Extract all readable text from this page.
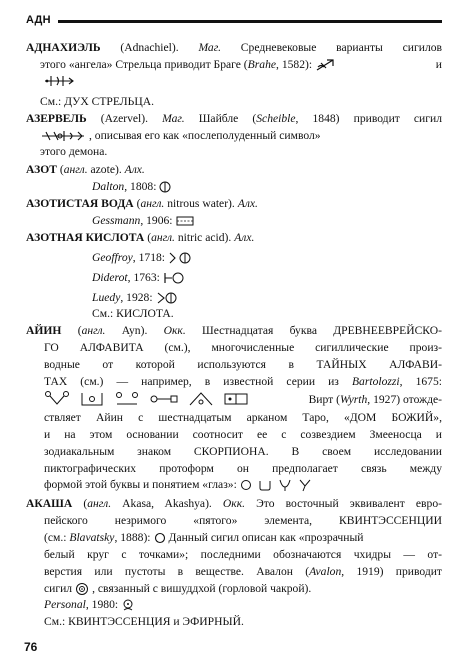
АДН
АДНАХИЭЛЬ (Adnachiel). Маг. Средневековые варианты сигилов
этого «ангела» Стрельца приводит Браге (Brahe, 1582):	и
См.: ДУХ СТРЕЛЬЦА.
АЗЕРВЕЛЬ (Azervel). Маг. Шайбле (Scheible, 1848) приводит сигил
, описывая его как «послеполуденный символ»
этого демона.
АЗОТ (англ. azote). Алх.
Dalton, 1808:
АЗОТИСТАЯ ВОДА (англ. nitrous water). Алх.
Gessmann, 1906:
АЗОТНАЯ КИСЛОТА (англ. nitric acid). Алх.
Geoffroy, 1718:
Diderot, 1763:
Luedy, 1928:
См.: КИСЛОТА.
АЙИН (англ. Ayn). Окк. Шестнадцатая буква ДРЕВНЕЕВРЕЙСКО-
ГО АЛФАВИТА (см.), многочисленные сигиллические произ-
водные от которой используются в ТАЙНЫХ АЛФАВИ-
ТАХ (см.) — например, в известной серии из Bartolozzi, 1675:

Вирт (Wyrth, 1927) отожде-
ствляет Айин с шестнадцатым арканом Таро, «ДОМ БОЖИЙ»,
и на этом основании соотносит ее с созвездием Змееносца и
зодиакальным знаком СКОРПИОНА. В своем исследовании
пиктографических протоформ он предполагает связь между
формой этой буквы и понятием «глаз»:
АКАША (англ. Akasa, Akashya). Окк. Это восточный эквивалент евро-
пейского незримого «пятого» элемента, КВИНТЭССЕНЦИИ
(см.: Blavatsky, 1888): Данный сигил описан как «прозрачный
белый круг с точками»; последними обозначаются чхидры — от-
верстия или пустоты в веществе. Авалон (Avalon, 1919) приводит
сигил , связанный с вишуддхой (горловой чакрой).
Personal, 1980:
См.: КВИНТЭССЕНЦИЯ и ЭФИРНЫЙ.
76
